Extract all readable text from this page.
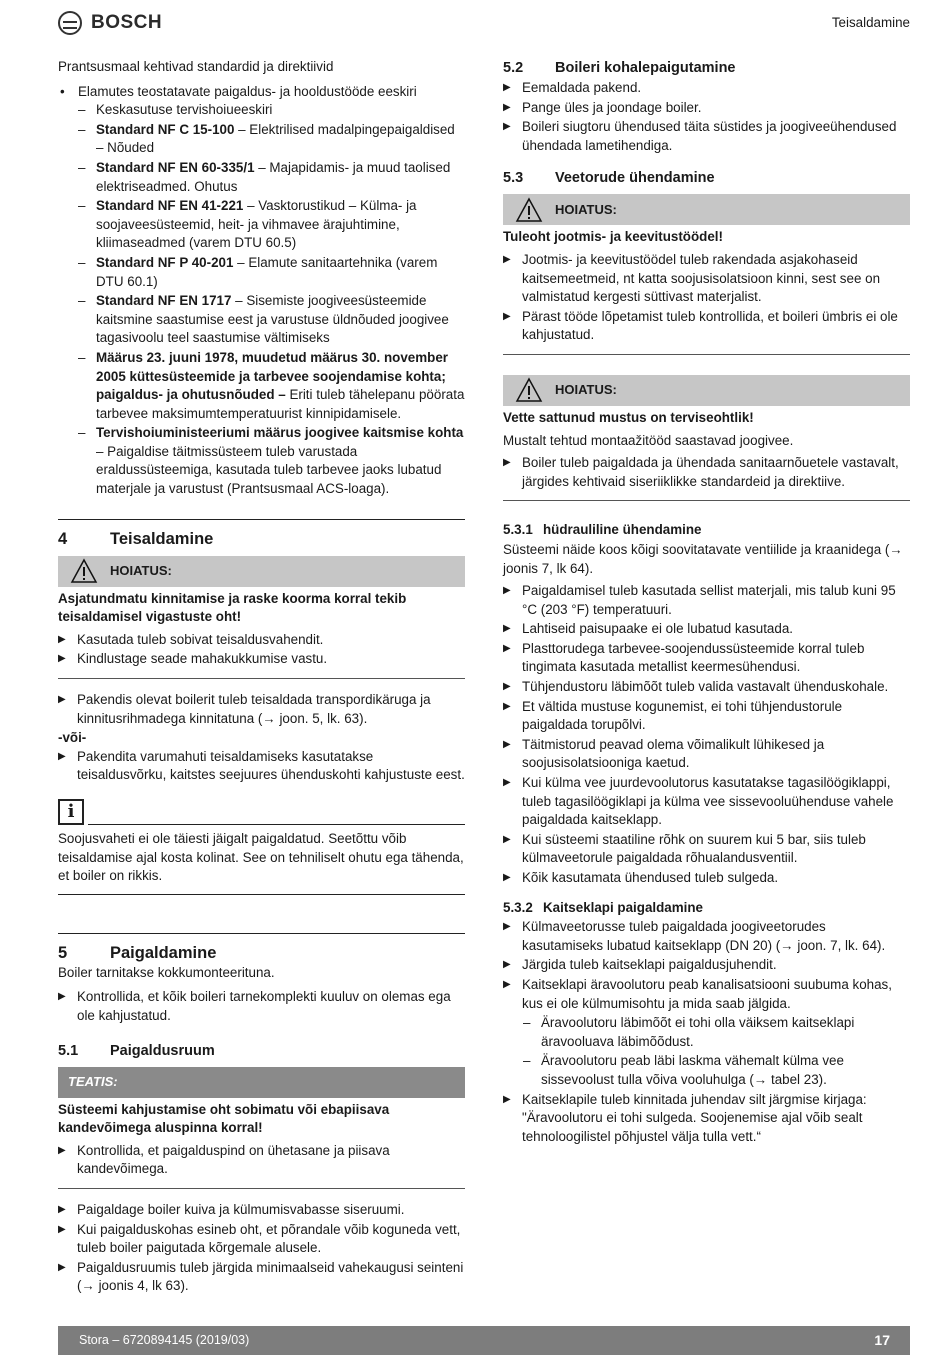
BOSCH	Teisaldamine

Prantsusmaal kehtivad standardid ja direktiivid

• Elamutes teostatavate paigaldus- ja hooldustööde eeskiri
– Keskasutuse tervishoiueeskiri
– Standard NF C 15-100 – Elektrilised madalpingepaigaldised – Nõuded
– Standard NF EN 60-335/1 – Majapidamis- ja muud taolised elektriseadmed. Ohutus
– Standard NF EN 41-221 – Vasktorustikud – Külma- ja soojaveesüsteemid, heit- ja vihmavee ärajuhtimine, kliimaseadmed (varem DTU 60.5)
– Standard NF P 40-201 – Elamute sanitaartehnika (varem DTU 60.1)
– Standard NF EN 1717 – Sisemiste joogiveesüsteemide kaitsmine saastumise eest ja varustuse üldnõuded joogivee tagasivoolu teel saastumise vältimiseks
– Määrus 23. juuni 1978, muudetud määrus 30. november 2005 küttesüsteemide ja tarbevee soojendamise kohta; paigaldus- ja ohutusnõuded – Eriti tuleb tähelepanu pöörata tarbevee maksimumtemperatuurist kinnipidamisele.
– Tervishoiuministeeriumi määrus joogivee kaitsmise kohta – Paigaldise täitmissüsteem tuleb varustada eraldussüsteemiga, kasutada tuleb tarbevee jaoks lubatud materjale ja varustust (Prantsusmaal ACS-loaga).
4	Teisaldamine
HOIATUS:

Asjatundmatu kinnitamise ja raske koorma korral tekib teisaldamisel vigastuste oht!

▶ Kasutada tuleb sobivat teisaldusvahendit.
▶ Kindlustage seade mahakukkumise vastu.
▶ Pakendis olevat boilerit tuleb teisaldada transpordikäruga ja kinnitusrihmadega kinnitatuna (→ joon. 5, lk. 63).

-või-

▶ Pakendita varumahuti teisaldamiseks kasutatakse teisaldusvõrku, kaitstes seejuures ühenduskohti kahjustuste eest.
i

Soojusvaheti ei ole täiesti jäigalt paigaldatud. Seetõttu võib teisaldamise ajal kosta kolinat. See on tehniliselt ohutu ega tähenda, et boiler on rikkis.

5	Paigaldamine

Boiler tarnitakse kokkumonteerituna.

▶ Kontrollida, et kõik boileri tarnekomplekti kuuluv on olemas ega ole kahjustatud.
5.1	Paigaldusruum
TEATIS:

Süsteemi kahjustamise oht sobimatu või ebapiisava kandevõimega aluspinna korral!

▶ Kontrollida, et paigalduspind on ühetasane ja piisava kandevõimega.
▶ Paigaldage boiler kuiva ja külmumisvabasse siseruumi.
▶ Kui paigalduskohas esineb oht, et põrandale võib koguneda vett, tuleb boiler paigutada kõrgemale alusele.
▶ Paigaldusruumis tuleb järgida minimaalseid vahekaugusi seinteni (→ joonis 4, lk 63).
5.2	Boileri kohalepaigutamine
▶ Eemaldada pakend.
▶ Pange üles ja joondage boiler.
▶ Boileri siugtoru ühendused täita süstides ja joogiveeühendused ühendada lametihendiga.
5.3	Veetorude ühendamine
HOIATUS:

Tuleoht jootmis- ja keevitustöödel!

▶ Jootmis- ja keevitustöödel tuleb rakendada asjakohaseid kaitsemeetmeid, nt katta soojusisolatsioon kinni, sest see on valmistatud kergesti süttivast materjalist.
▶ Pärast tööde lõpetamist tuleb kontrollida, et boileri ümbris ei ole kahjustatud.
HOIATUS:

Vette sattunud mustus on terviseohtlik!

Mustalt tehtud montaažitööd saastavad joogivee.

▶ Boiler tuleb paigaldada ja ühendada sanitaarnõuetele vastavalt, järgides kehtivaid siseriiklikke standardeid ja direktiive.
5.3.1 hüdrauliline ühendamine

Süsteemi näide koos kõigi soovitatavate ventiilide ja kraanidega (→ joonis 7, lk 64).

▶ Paigaldamisel tuleb kasutada sellist materjali, mis talub kuni 95 °C (203 °F) temperatuuri.
▶ Lahtiseid paisupaake ei ole lubatud kasutada.
▶ Plasttorudega tarbevee-soojendussüsteemide korral tuleb tingimata kasutada metallist keermesühendusi.
▶ Tühjendustoru läbimõõt tuleb valida vastavalt ühenduskohale.
▶ Et vältida mustuse kogunemist, ei tohi tühjendustorule paigaldada torupõlvi.
▶ Täitmistorud peavad olema võimalikult lühikesed ja soojusisolatsiooniga kaetud.
▶ Kui külma vee juurdevoolutorus kasutatakse tagasilöögiklappi, tuleb tagasilöögiklapi ja külma vee sissevooluühenduse vahele paigaldada kaitseklapp.
▶ Kui süsteemi staatiline rõhk on suurem kui 5 bar, siis tuleb külmaveetorule paigaldada rõhualandusventiil.
▶ Kõik kasutamata ühendused tuleb sulgeda.
5.3.2 Kaitseklapi paigaldamine
▶ Külmaveetorusse tuleb paigaldada joogiveetorudes kasutamiseks lubatud kaitseklapp (DN 20) (→ joon. 7, lk. 64).
▶ Järgida tuleb kaitseklapi paigaldusjuhendit.
▶ Kaitseklapi äravoolutoru peab kanalisatsiooni suubuma kohas, kus ei ole külmumisohtu ja mida saab jälgida.
– Äravoolutoru läbimõõt ei tohi olla väiksem kaitseklapi äravooluava läbimõõdust.
– Äravoolutoru peab läbi laskma vähemalt külma vee sissevoolust tulla võiva vooluhulga (→ tabel 23).
▶ Kaitseklapile tuleb kinnitada juhendav silt järgmise kirjaga: "Äravoolutoru ei tohi sulgeda. Soojenemise ajal võib sealt tehnoloogilistel põhjustel välja tulla vett.“
Stora – 6720894145 (2019/03)	17
